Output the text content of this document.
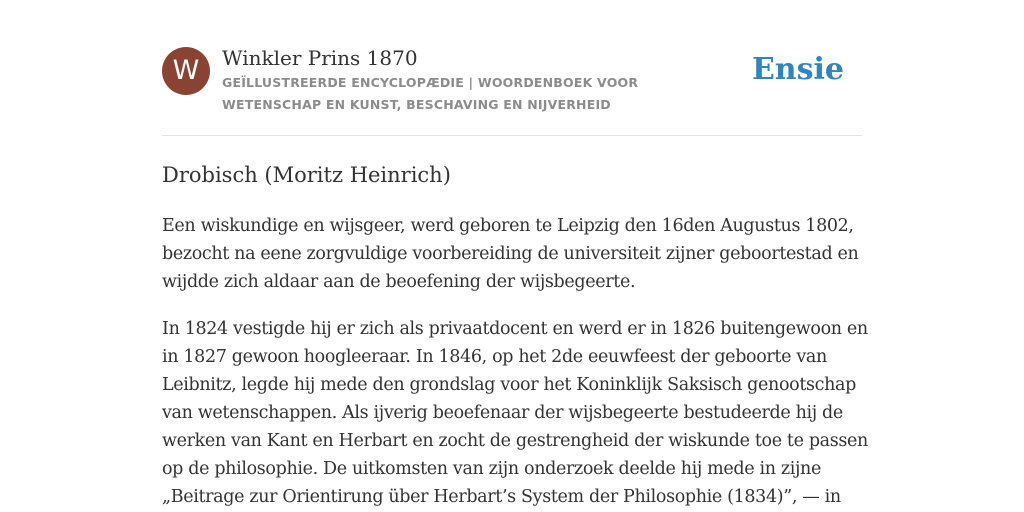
W	Winkler Prins 1870
GEÏLLUSTREERDE ENCYCLOPÆDIE | WOORDENBOEK VOOR WETENSCHAP EN KUNST, BESCHAVING EN NIJVERHEID
Ensie
Drobisch (Moritz Heinrich)

Een wiskundige en wijsgeer, werd geboren te Leipzig den 16den Augustus 1802, bezocht na eene zorgvuldige voorbereiding de universiteit zijner geboortestad en wijdde zich aldaar aan de beoefening der wijsbegeerte.

In 1824 vestigde hij er zich als privaatdocent en werd er in 1826 buitengewoon en in 1827 gewoon hoogleeraar. In 1846, op het 2de eeuwfeest der geboorte van Leibnitz, legde hij mede den grondslag voor het Koninklijk Saksisch genootschap van wetenschappen. Als ijverig beoefenaar der wijsbegeerte bestudeerde hij de werken van Kant en Herbart en zocht de gestrengheid der wiskunde toe te passen op de philosophie. De uitkomsten van zijn onderzoek deelde hij mede in zijne „Beitrage zur Orientirung über Herbart’s System der Philosophie (1834)”, — in
